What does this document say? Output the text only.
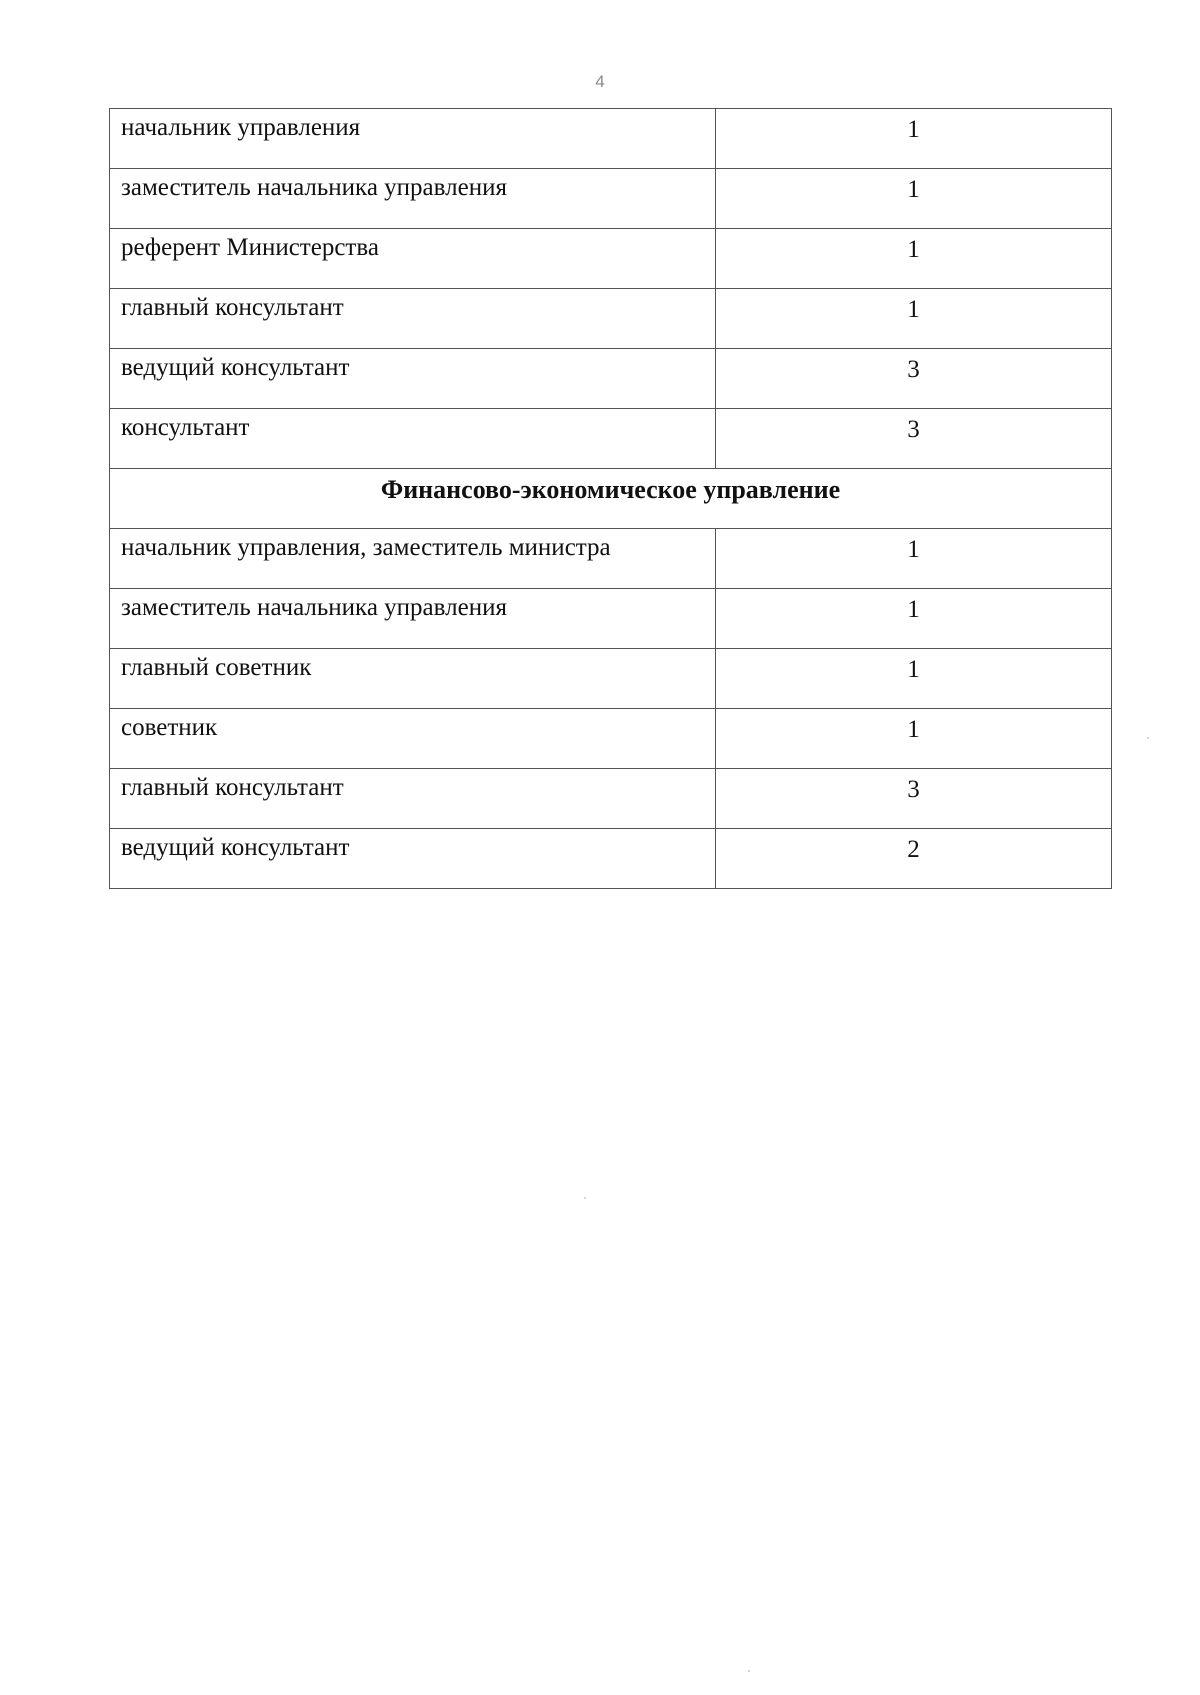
4
начальник управления	1
заместитель начальника управления	1
референт Министерства	1
главный консультант	1
ведущий консультант	3
консультант	3
Финансово-экономическое управление	
начальник управления, заместитель министра	1
заместитель начальника управления	1
главный советник	1
советник	1
главный консультант	3
ведущий консультант	2
